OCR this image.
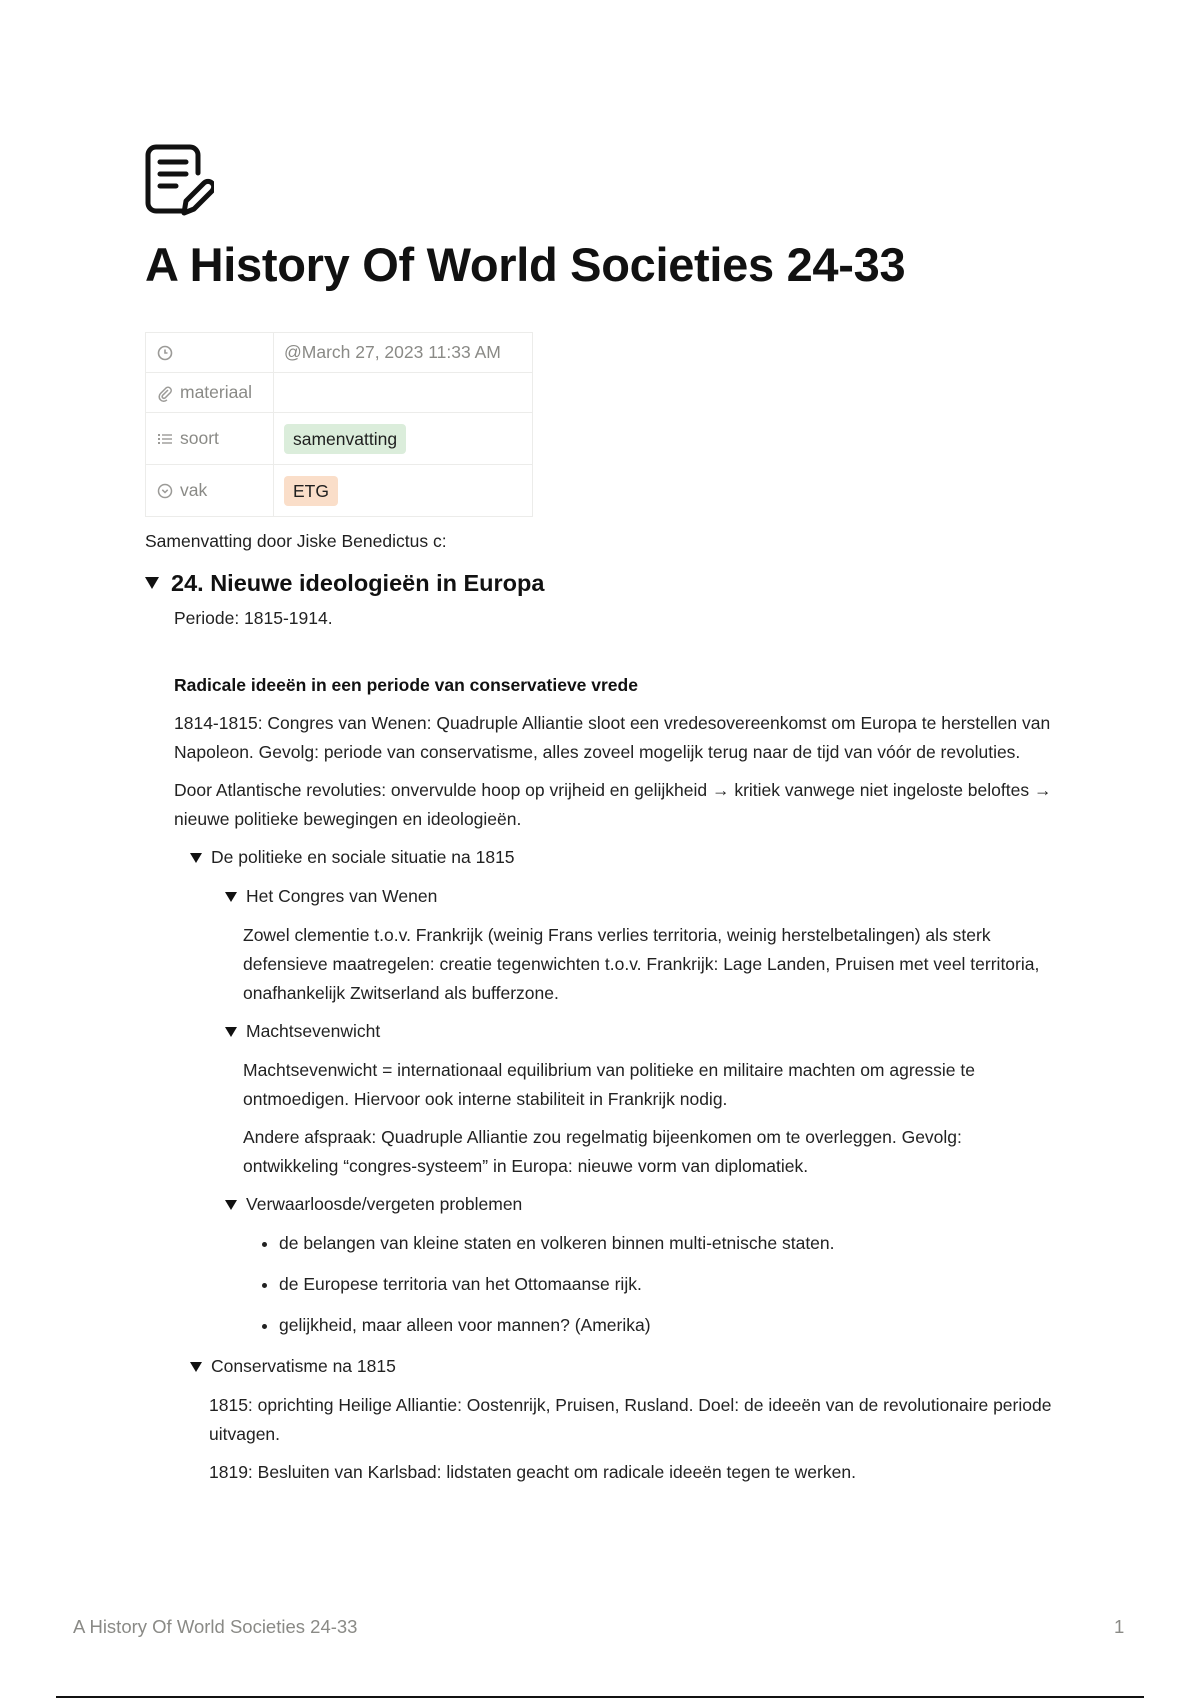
A History Of World Societies 24-33
	@March 27, 2023 11:33 AM
materiaal	
soort	samenvatting
vak	ETG

Samenvatting door Jiske Benedictus c:

24. Nieuwe ideologieën in Europa

Periode: 1815-1914.

Radicale ideeën in een periode van conservatieve vrede

1814-1815: Congres van Wenen: Quadruple Alliantie sloot een vredesovereenkomst om Europa te herstellen van Napoleon. Gevolg: periode van conservatisme, alles zoveel mogelijk terug naar de tijd van vóór de revoluties.

Door Atlantische revoluties: onvervulde hoop op vrijheid en gelijkheid → kritiek vanwege niet ingeloste beloftes → nieuwe politieke bewegingen en ideologieën.

De politieke en sociale situatie na 1815
Het Congres van Wenen

Zowel clementie t.o.v. Frankrijk (weinig Frans verlies territoria, weinig herstelbetalingen) als sterk defensieve maatregelen: creatie tegenwichten t.o.v. Frankrijk: Lage Landen, Pruisen met veel territoria, onafhankelijk Zwitserland als bufferzone.

Machtsevenwicht

Machtsevenwicht = internationaal equilibrium van politieke en militaire machten om agressie te ontmoedigen. Hiervoor ook interne stabiliteit in Frankrijk nodig.

Andere afspraak: Quadruple Alliantie zou regelmatig bijeenkomen om te overleggen. Gevolg: ontwikkeling “congres-systeem” in Europa: nieuwe vorm van diplomatiek.

Verwaarloosde/vergeten problemen
• de belangen van kleine staten en volkeren binnen multi-etnische staten.
• de Europese territoria van het Ottomaanse rijk.
• gelijkheid, maar alleen voor mannen? (Amerika)
Conservatisme na 1815

1815: oprichting Heilige Alliantie: Oostenrijk, Pruisen, Rusland. Doel: de ideeën van de revolutionaire periode uitvagen.

1819: Besluiten van Karlsbad: lidstaten geacht om radicale ideeën tegen te werken.

A History Of World Societies 24-33	1
